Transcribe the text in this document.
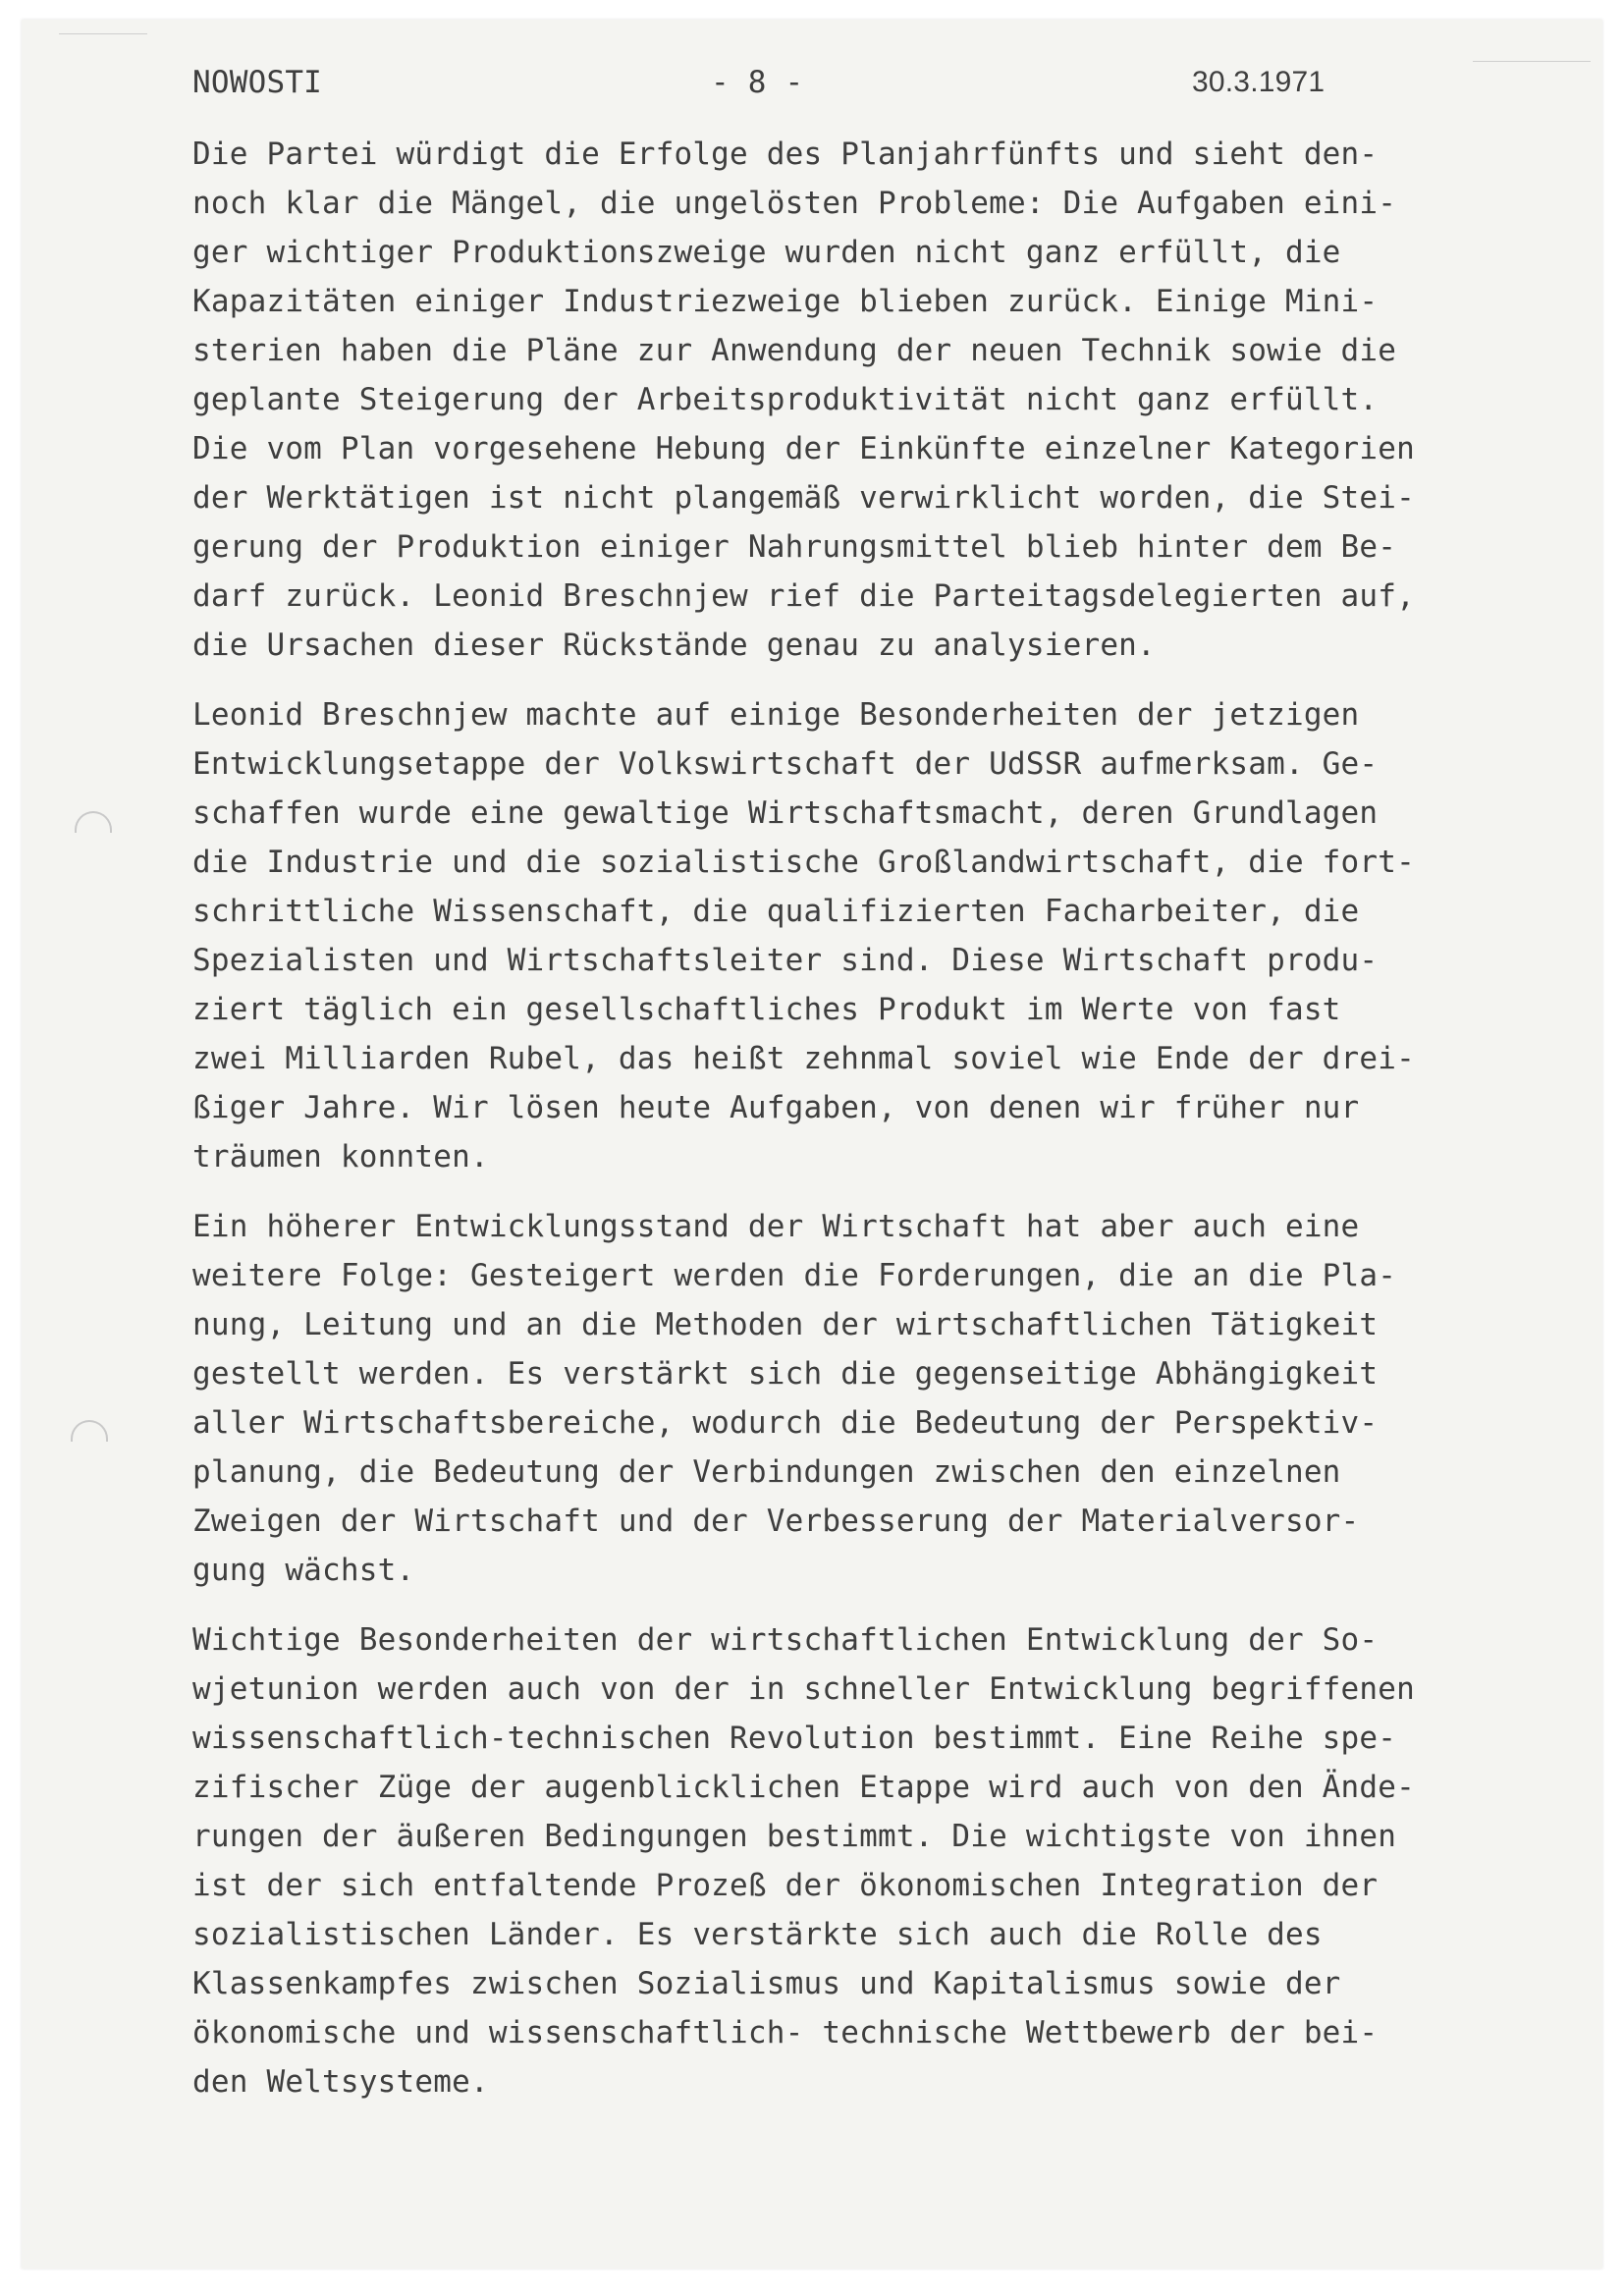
NOWOSTI	- 8 -	30.3.1971
Die Partei würdigt die Erfolge des Planjahrfünfts und sieht den-
noch klar die Mängel, die ungelösten Probleme: Die Aufgaben eini-
ger wichtiger Produktionszweige wurden nicht ganz erfüllt, die
Kapazitäten einiger Industriezweige blieben zurück. Einige Mini-
sterien haben die Pläne zur Anwendung der neuen Technik sowie die
geplante Steigerung der Arbeitsproduktivität nicht ganz erfüllt.
Die vom Plan vorgesehene Hebung der Einkünfte einzelner Kategorien
der Werktätigen ist nicht plangemäß verwirklicht worden, die Stei-
gerung der Produktion einiger Nahrungsmittel blieb hinter dem Be-
darf zurück. Leonid Breschnjew rief die Parteitagsdelegierten auf,
die Ursachen dieser Rückstände genau zu analysieren.
Leonid Breschnjew machte auf einige Besonderheiten der jetzigen
Entwicklungsetappe der Volkswirtschaft der UdSSR aufmerksam. Ge-
schaffen wurde eine gewaltige Wirtschaftsmacht, deren Grundlagen
die Industrie und die sozialistische Großlandwirtschaft, die fort-
schrittliche Wissenschaft, die qualifizierten Facharbeiter, die
Spezialisten und Wirtschaftsleiter sind. Diese Wirtschaft produ-
ziert täglich ein gesellschaftliches Produkt im Werte von fast
zwei Milliarden Rubel, das heißt zehnmal soviel wie Ende der drei-
ßiger Jahre. Wir lösen heute Aufgaben, von denen wir früher nur
träumen konnten.
Ein höherer Entwicklungsstand der Wirtschaft hat aber auch eine
weitere Folge: Gesteigert werden die Forderungen, die an die Pla-
nung, Leitung und an die Methoden der wirtschaftlichen Tätigkeit
gestellt werden. Es verstärkt sich die gegenseitige Abhängigkeit
aller Wirtschaftsbereiche, wodurch die Bedeutung der Perspektiv-
planung, die Bedeutung der Verbindungen zwischen den einzelnen
Zweigen der Wirtschaft und der Verbesserung der Materialversor-
gung wächst.
Wichtige Besonderheiten der wirtschaftlichen Entwicklung der So-
wjetunion werden auch von der in schneller Entwicklung begriffenen
wissenschaftlich-technischen Revolution bestimmt. Eine Reihe spe-
zifischer Züge der augenblicklichen Etappe wird auch von den Ände-
rungen der äußeren Bedingungen bestimmt. Die wichtigste von ihnen
ist der sich entfaltende Prozeß der ökonomischen Integration der
sozialistischen Länder. Es verstärkte sich auch die Rolle des
Klassenkampfes zwischen Sozialismus und Kapitalismus sowie der
ökonomische und wissenschaftlich- technische Wettbewerb der bei-
den Weltsysteme.
